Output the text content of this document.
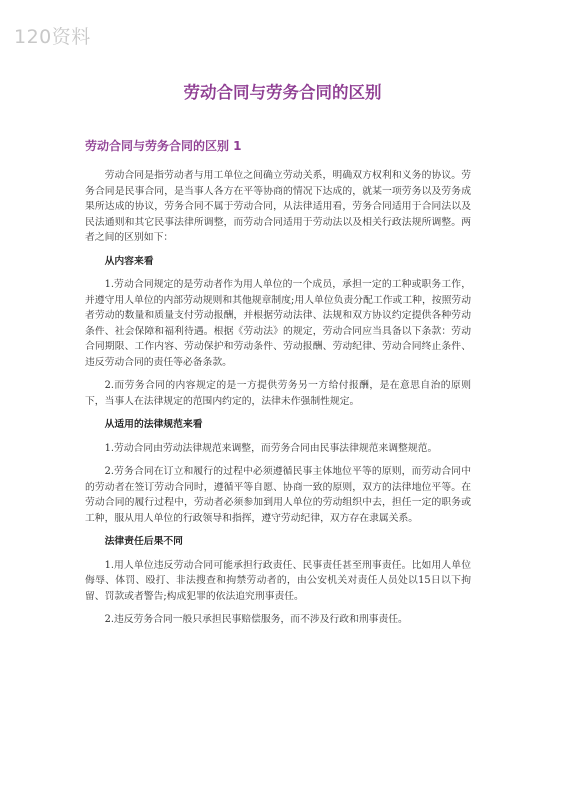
120资料
劳动合同与劳务合同的区别
劳动合同与劳务合同的区别 1

劳动合同是指劳动者与用工单位之间确立劳动关系，明确双方权利和义务的协议。劳务合同是民事合同，是当事人各方在平等协商的情况下达成的，就某一项劳务以及劳务成果所达成的协议，劳务合同不属于劳动合同，从法律适用看，劳务合同适用于合同法以及民法通则和其它民事法律所调整，而劳动合同适用于劳动法以及相关行政法规所调整。两者之间的区别如下：

从内容来看

1.劳动合同规定的是劳动者作为用人单位的一个成员，承担一定的工种或职务工作，并遵守用人单位的内部劳动规则和其他规章制度;用人单位负责分配工作或工种，按照劳动者劳动的数量和质量支付劳动报酬，并根据劳动法律、法规和双方协议约定提供各种劳动条件、社会保障和福利待遇。根据《劳动法》的规定，劳动合同应当具备以下条款：劳动合同期限、工作内容、劳动保护和劳动条件、劳动报酬、劳动纪律、劳动合同终止条件、违反劳动合同的责任等必备条款。

2.而劳务合同的内容规定的是一方提供劳务另一方给付报酬，是在意思自治的原则下，当事人在法律规定的范围内约定的，法律未作强制性规定。

从适用的法律规范来看

1.劳动合同由劳动法律规范来调整，而劳务合同由民事法律规范来调整规范。

2.劳务合同在订立和履行的过程中必须遵循民事主体地位平等的原则，而劳动合同中的劳动者在签订劳动合同时，遵循平等自愿、协商一致的原则，双方的法律地位平等。在劳动合同的履行过程中，劳动者必须参加到用人单位的劳动组织中去，担任一定的职务或工种，服从用人单位的行政领导和指挥，遵守劳动纪律，双方存在隶属关系。

法律责任后果不同

1.用人单位违反劳动合同可能承担行政责任、民事责任甚至刑事责任。比如用人单位侮辱、体罚、殴打、非法搜查和拘禁劳动者的，由公安机关对责任人员处以15日以下拘留、罚款或者警告;构成犯罪的依法追究刑事责任。

2.违反劳务合同一般只承担民事赔偿服务，而不涉及行政和刑事责任。
